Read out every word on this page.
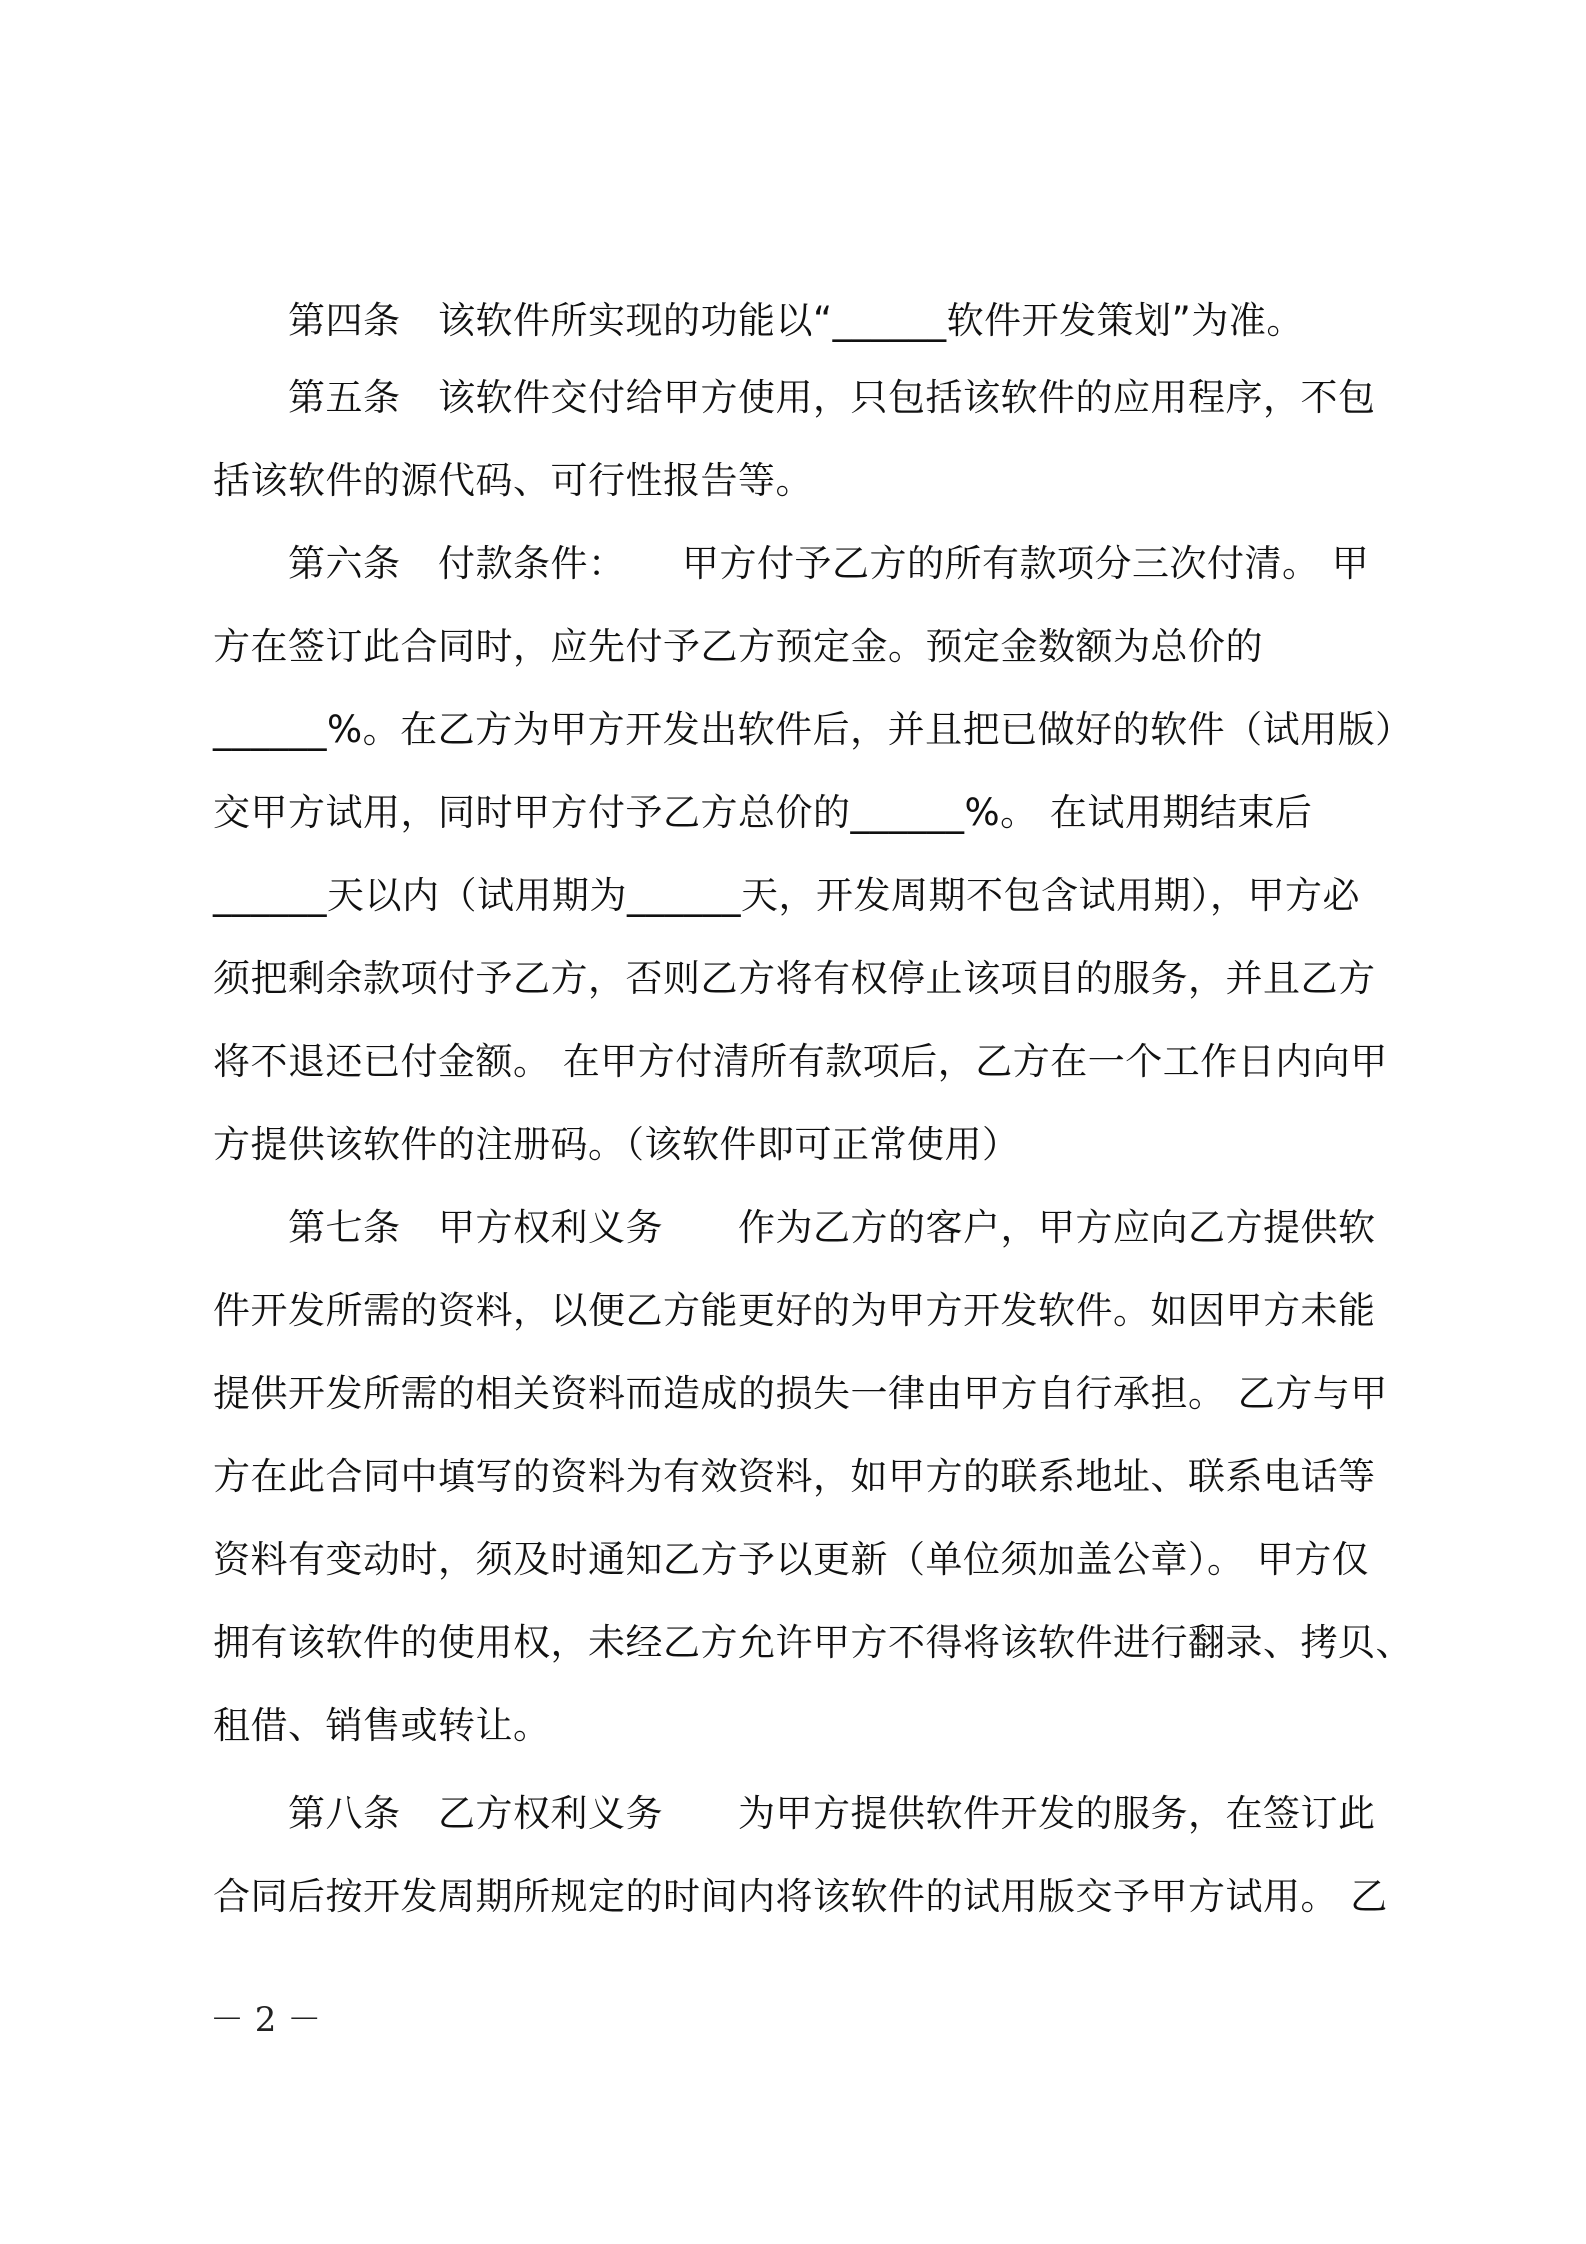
第四条　该软件所实现的功能以“______软件开发策划”为准。
第五条　该软件交付给甲方使用，只包括该软件的应用程序，不包
括该软件的源代码、可行性报告等。
第六条　付款条件：　　甲方付予乙方的所有款项分三次付清。 甲
方在签订此合同时，应先付予乙方预定金。预定金数额为总价的
______%。在乙方为甲方开发出软件后，并且把已做好的软件（试用版）
交甲方试用，同时甲方付予乙方总价的______%。 在试用期结束后
______天以内（试用期为______天，开发周期不包含试用期），甲方必
须把剩余款项付予乙方，否则乙方将有权停止该项目的服务，并且乙方
将不退还已付金额。 在甲方付清所有款项后，乙方在一个工作日内向甲
方提供该软件的注册码。（该软件即可正常使用）
第七条　甲方权利义务　　作为乙方的客户，甲方应向乙方提供软
件开发所需的资料，以便乙方能更好的为甲方开发软件。如因甲方未能
提供开发所需的相关资料而造成的损失一律由甲方自行承担。 乙方与甲
方在此合同中填写的资料为有效资料，如甲方的联系地址、联系电话等
资料有变动时，须及时通知乙方予以更新（单位须加盖公章）。 甲方仅
拥有该软件的使用权，未经乙方允许甲方不得将该软件进行翻录、拷贝、
租借、销售或转让。
第八条　乙方权利义务　　为甲方提供软件开发的服务，在签订此
合同后按开发周期所规定的时间内将该软件的试用版交予甲方试用。 乙
－ 2 －
